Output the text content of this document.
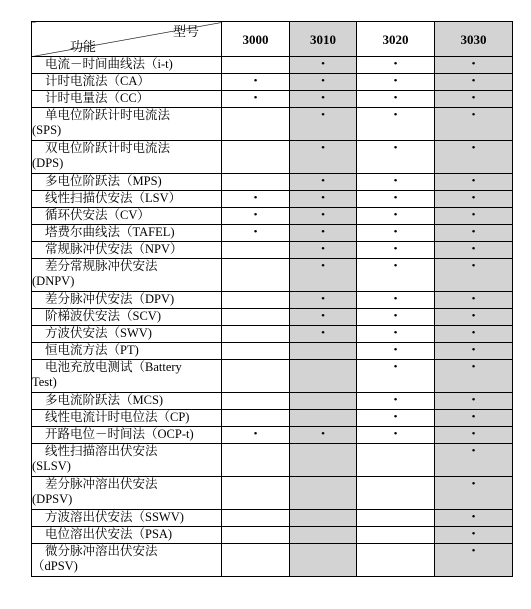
型号
功能	3000	3010	3020	3030
电流－时间曲线法（i-t)		•	•	•
计时电流法（CA）	•	•	•	•
计时电量法（CC）	•	•	•	•
单电位阶跃计时电流法
(SPS)		•	•	•
双电位阶跃计时电流法
(DPS)		•	•	•
多电位阶跃法（MPS)		•	•	•
线性扫描伏安法（LSV）	•	•	•	•
循环伏安法（CV）	•	•	•	•
塔费尔曲线法（TAFEL)	•	•	•	•
常规脉冲伏安法（NPV）		•	•	•
差分常规脉冲伏安法
(DNPV)		•	•	•
差分脉冲伏安法（DPV)		•	•	•
阶梯波伏安法（SCV)		•	•	•
方波伏安法（SWV)		•	•	•
恒电流方法（PT)			•	•
电池充放电测试（Battery
Test)			•	•
多电流阶跃法（MCS)			•	•
线性电流计时电位法（CP)			•	•
开路电位－时间法（OCP-t)	•	•	•	•
线性扫描溶出伏安法
(SLSV)				•
差分脉冲溶出伏安法
(DPSV)				•
方波溶出伏安法（SSWV)				•
电位溶出伏安法（PSA)				•
微分脉冲溶出伏安法
（dPSV)				•
